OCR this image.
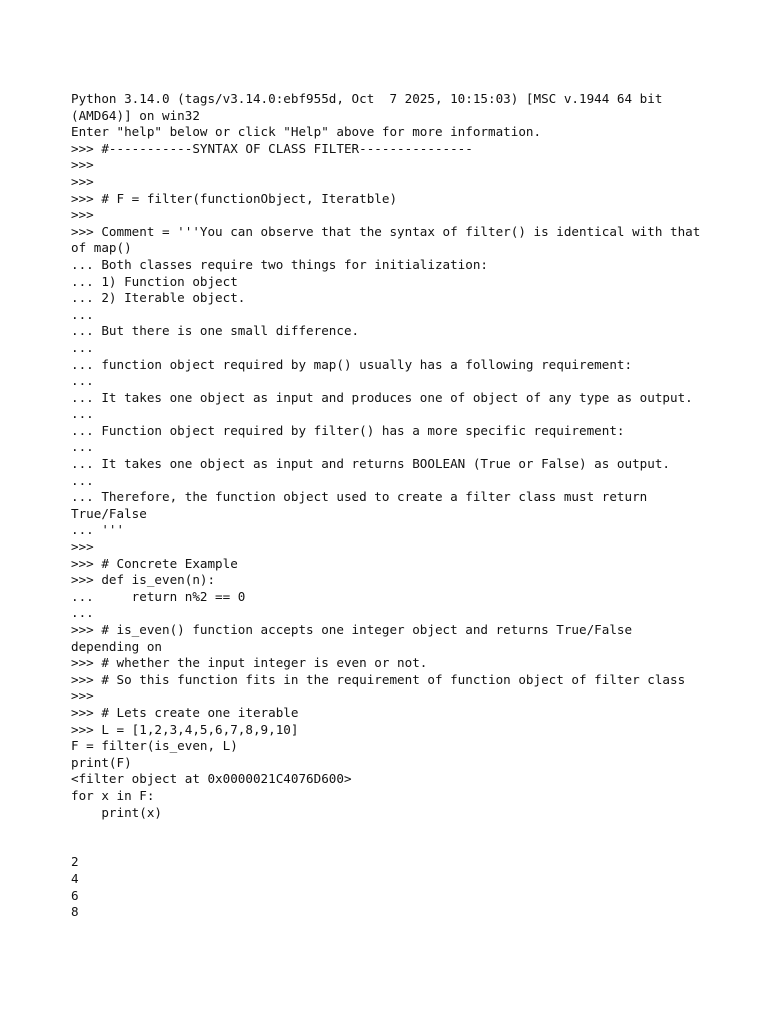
Python 3.14.0 (tags/v3.14.0:ebf955d, Oct  7 2025, 10:15:03) [MSC v.1944 64 bit
(AMD64)] on win32
Enter "help" below or click "Help" above for more information.
>>> #-----------SYNTAX OF CLASS FILTER---------------
>>>
>>>
>>> # F = filter(functionObject, Iteratble)
>>>
>>> Comment = '''You can observe that the syntax of filter() is identical with that
of map()
... Both classes require two things for initialization:
... 1) Function object
... 2) Iterable object.
...
... But there is one small difference.
...
... function object required by map() usually has a following requirement:
...
... It takes one object as input and produces one of object of any type as output.
...
... Function object required by filter() has a more specific requirement:
...
... It takes one object as input and returns BOOLEAN (True or False) as output.
...
... Therefore, the function object used to create a filter class must return
True/False
... '''
>>>
>>> # Concrete Example
>>> def is_even(n):
...     return n%2 == 0
...
>>> # is_even() function accepts one integer object and returns True/False
depending on
>>> # whether the input integer is even or not.
>>> # So this function fits in the requirement of function object of filter class
>>>
>>> # Lets create one iterable
>>> L = [1,2,3,4,5,6,7,8,9,10]
F = filter(is_even, L)
print(F)
<filter object at 0x0000021C4076D600>
for x in F:
print(x)
2
4
6
8
